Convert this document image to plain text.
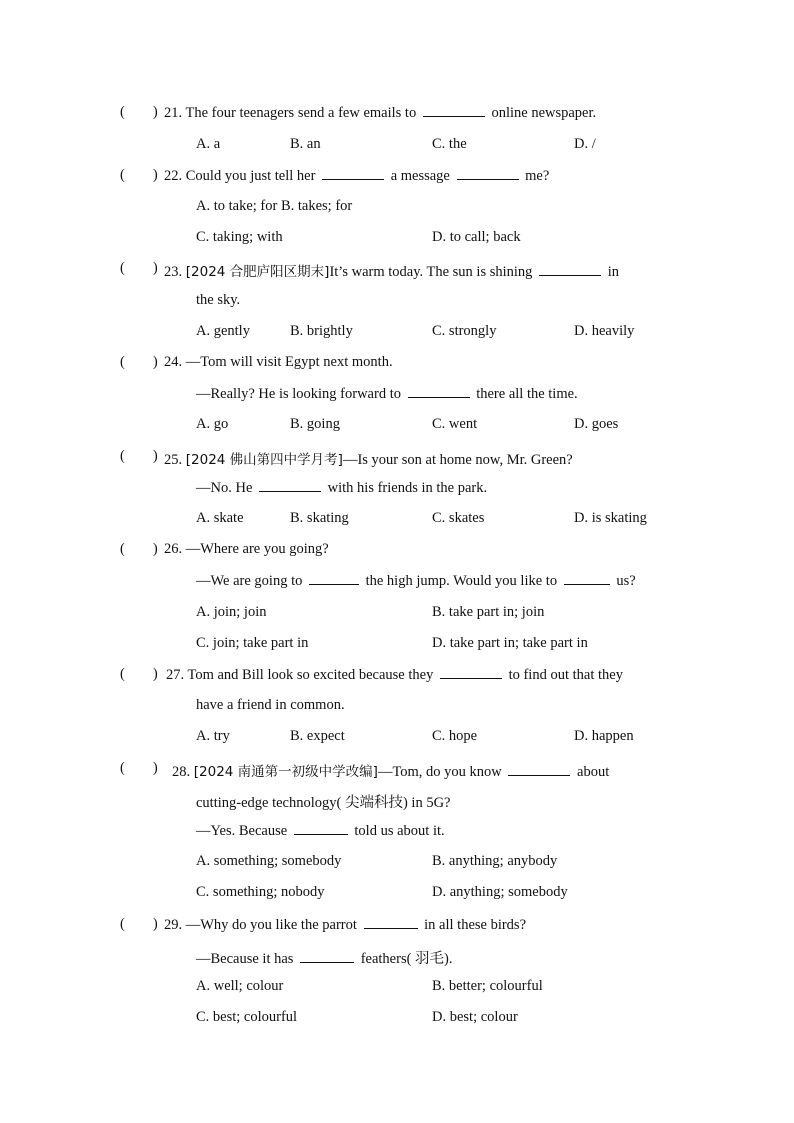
( ) 21. The four teenagers send a few emails to	online newspaper.
A. a	B. an	C. the	D. /
( ) 22. Could you just tell her	a message	me?
A. to take; for B. takes; for
C. taking; with	D. to call; back
( ) 23. [2024 合肥庐阳区期末]It’s warm today. The sun is shining	in
the sky.
A. gently	B. brightly	C. strongly	D. heavily
( ) 24. —Tom will visit Egypt next month.
—Really? He is looking forward to	there all the time.
A. go	B. going	C. went	D. goes
( ) 25. [2024 佛山第四中学月考]—Is your son at home now, Mr. Green?
—No. He	with his friends in the park.
A. skate	B. skating	C. skates	D. is skating
( ) 26. —Where are you going?
—We are going to	the high jump. Would you like to	us?
A. join; join	B. take part in; join
C. join; take part in	D. take part in; take part in
( ) 27. Tom and Bill look so excited because they	to find out that they
have a friend in common.
A. try	B. expect	C. hope	D. happen
( ) 28. [2024 南通第一初级中学改编]—Tom, do you know	about
cutting-edge technology( 尖端科技) in 5G?
—Yes. Because	told us about it.
A. something; somebody	B. anything; anybody
C. something; nobody	D. anything; somebody
( ) 29. —Why do you like the parrot	in all these birds?
—Because it has	feathers( 羽毛).
A. well; colour	B. better; colourful
C. best; colourful	D. best; colour
